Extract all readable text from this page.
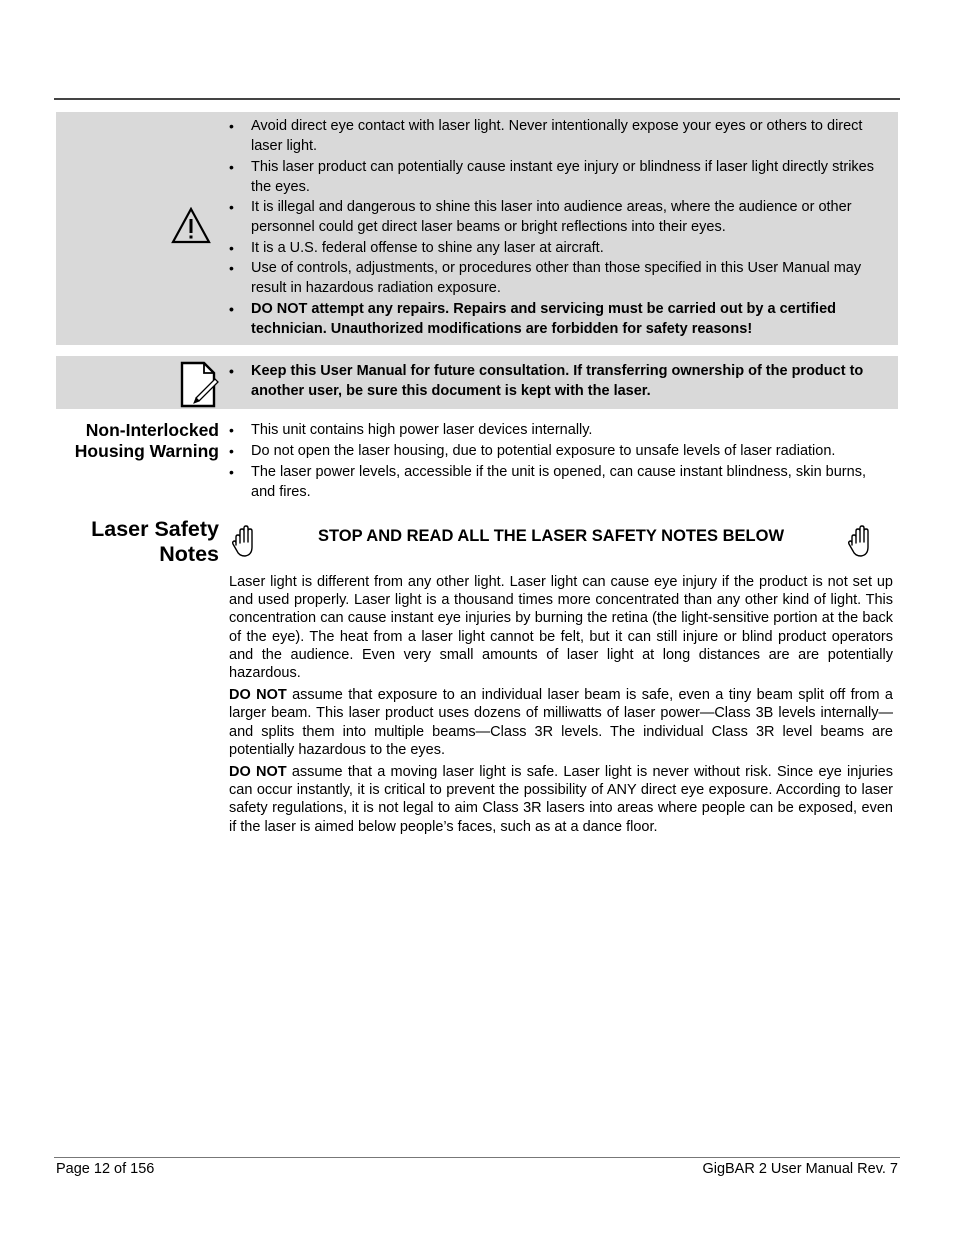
• Avoid direct eye contact with laser light. Never intentionally expose your eyes or others to direct laser light.
• This laser product can potentially cause instant eye injury or blindness if laser light directly strikes the eyes.
• It is illegal and dangerous to shine this laser into audience areas, where the audience or other personnel could get direct laser beams or bright reflections into their eyes.
• It is a U.S. federal offense to shine any laser at aircraft.
• Use of controls, adjustments, or procedures other than those specified in this User Manual may result in hazardous radiation exposure.
• DO NOT attempt any repairs. Repairs and servicing must be carried out by a certified technician. Unauthorized modifications are forbidden for safety reasons!
• Keep this User Manual for future consultation. If transferring ownership of the product to another user, be sure this document is kept with the laser.
Non-Interlocked
Housing Warning
• This unit contains high power laser devices internally.
• Do not open the laser housing, due to potential exposure to unsafe levels of laser radiation.
• The laser power levels, accessible if the unit is opened, can cause instant blindness, skin burns, and fires.
Laser Safety
Notes
STOP AND READ ALL THE LASER SAFETY NOTES BELOW

Laser light is different from any other light. Laser light can cause eye injury if the product is not set up and used properly. Laser light is a thousand times more concentrated than any other kind of light. This concentration can cause instant eye injuries by burning the retina (the light-sensitive portion at the back of the eye). The heat from a laser light cannot be felt, but it can still injure or blind product operators and the audience. Even very small amounts of laser light at long distances are are potentially hazardous.

DO NOT assume that exposure to an individual laser beam is safe, even a tiny beam split off from a larger beam. This laser product uses dozens of milliwatts of laser power—Class 3B levels internally—and splits them into multiple beams—Class 3R levels. The individual Class 3R level beams are potentially hazardous to the eyes.

DO NOT assume that a moving laser light is safe. Laser light is never without risk. Since eye injuries can occur instantly, it is critical to prevent the possibility of ANY direct eye exposure. According to laser safety regulations, it is not legal to aim Class 3R lasers into areas where people can be exposed, even if the laser is aimed below people’s faces, such as at a dance floor.

Page 12 of 156	GigBAR 2 User Manual Rev. 7
